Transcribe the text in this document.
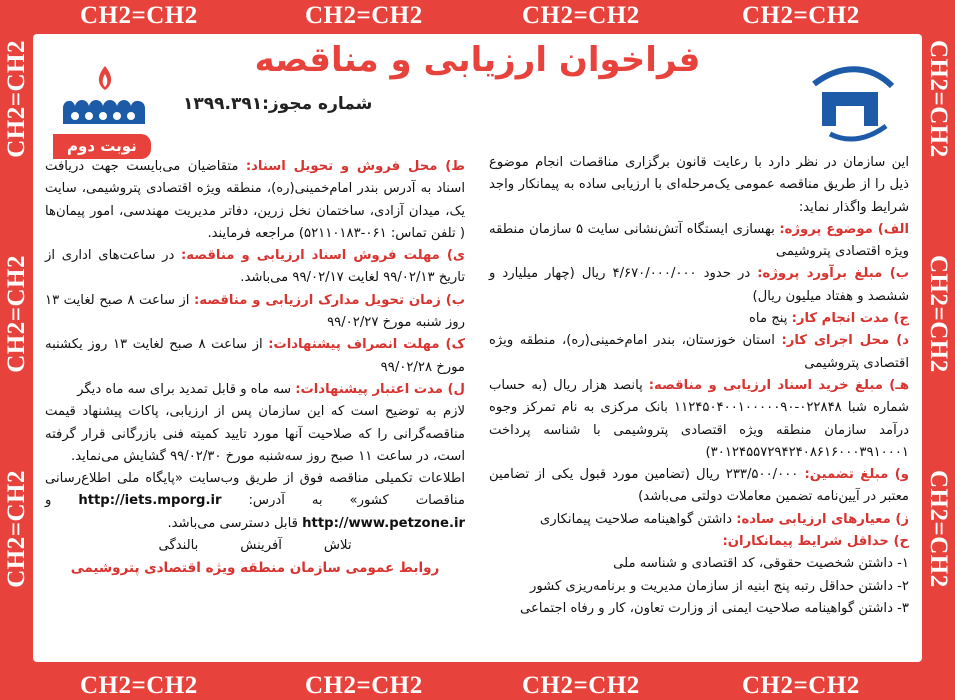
CH2=CH2	CH2=CH2	CH2=CH2	CH2=CH2
CH2=CH2	CH2=CH2	CH2=CH2	CH2=CH2
CH2=CH2
CH2=CH2
CH2=CH2
CH2=CH2
CH2=CH2
CH2=CH2
فراخوان ارزیابی و مناقصه
شماره مجوز:۱۳۹۹.۳۹۱
نوبت دوم

این سازمان در نظر دارد با رعایت قانون برگزاری مناقصات انجام موضوع ذیل را از طریق مناقصه عمومی یک‌مرحله‌ای با ارزیابی ساده به پیمانکار واجد شرایط واگذار نماید:

الف) موضوع پروژه: بهسازی ایستگاه آتش‌نشانی سایت ۵ سازمان منطقه ویژه اقتصادی پتروشیمی

ب) مبلغ برآورد پروژه: در حدود ۴/۶۷۰/۰۰۰/۰۰۰ ریال (چهار میلیارد و ششصد و هفتاد میلیون ریال)

ج) مدت انجام کار: پنج ماه

د) محل اجرای کار: استان خوزستان، بندر امام‌خمینی(ره)، منطقه ویژه اقتصادی پتروشیمی

هـ) مبلغ خرید اسناد ارزیابی و مناقصه: پانصد هزار ریال (به حساب شماره شبا ۰۲۲۸۴۸-۱۱۲۴۵۰۴۰۰۱۰۰۰۰۰۹۰ بانک مرکزی به نام تمرکز وجوه درآمد سازمان منطقه ویژه اقتصادی پتروشیمی با شناسه پرداخت ۳۰۱۲۴۵۵۷۲۹۴۲۴۰۸۶۱۶۰۰۰۳۹۱۰۰۰۱)

و) مبلغ تضمین: ۲۳۳/۵۰۰/۰۰۰ ریال (تضامین مورد قبول یکی از تضامین معتبر در آیین‌نامه تضمین معاملات دولتی می‌باشد)

ز) معیارهای ارزیابی ساده: داشتن گواهینامه صلاحیت پیمانکاری

ح) حداقل شرایط پیمانکاران:

۱- داشتن شخصیت حقوقی، کد اقتصادی و شناسه ملی

۲- داشتن حداقل رتبه پنج ابنیه از سازمان مدیریت و برنامه‌ریزی کشور

۳- داشتن گواهینامه صلاحیت ایمنی از وزارت تعاون، کار و رفاه اجتماعی

ط) محل فروش و تحویل اسناد: متقاضیان می‌بایست جهت دریافت اسناد به آدرس بندر امام‌خمینی(ره)، منطقه ویژه اقتصادی پتروشیمی، سایت یک، میدان آزادی، ساختمان نخل زرین، دفاتر مدیریت مهندسی، امور پیمان‌ها ( تلفن تماس: ۰۶۱-۵۲۱۱۰۱۸۳) مراجعه فرمایند.

ی) مهلت فروش اسناد ارزیابی و مناقصه: در ساعت‌های اداری از تاریخ ۹۹/۰۲/۱۳ لغایت ۹۹/۰۲/۱۷ می‌باشد.

ب) زمان تحویل مدارک ارزیابی و مناقصه: از ساعت ۸ صبح لغایت ۱۳ روز شنبه مورخ ۹۹/۰۲/۲۷

ک) مهلت انصراف پیشنهادات: از ساعت ۸ صبح لغایت ۱۳ روز یکشنبه مورخ ۹۹/۰۲/۲۸

ل) مدت اعتبار پیشنهادات: سه ماه و قابل تمدید برای سه ماه دیگر

لازم به توضیح است که این سازمان پس از ارزیابی، پاکات پیشنهاد قیمت مناقصه‌گرانی را که صلاحیت آنها مورد تایید کمیته فنی بازرگانی قرار گرفته است، در ساعت ۱۱ صبح روز سه‌شنبه مورخ ۹۹/۰۲/۳۰ گشایش می‌نماید.

اطلاعات تکمیلی مناقصه فوق از طریق وب‌سایت «پایگاه ملی اطلاع‌رسانی مناقصات کشور» به آدرس: http://iets.mporg.ir و http://www.petzone.ir قابل دسترسی می‌باشد.

تلاش          آفرینش          بالندگی

روابط عمومی سازمان منطقه ویژه اقتصادی پتروشیمی
